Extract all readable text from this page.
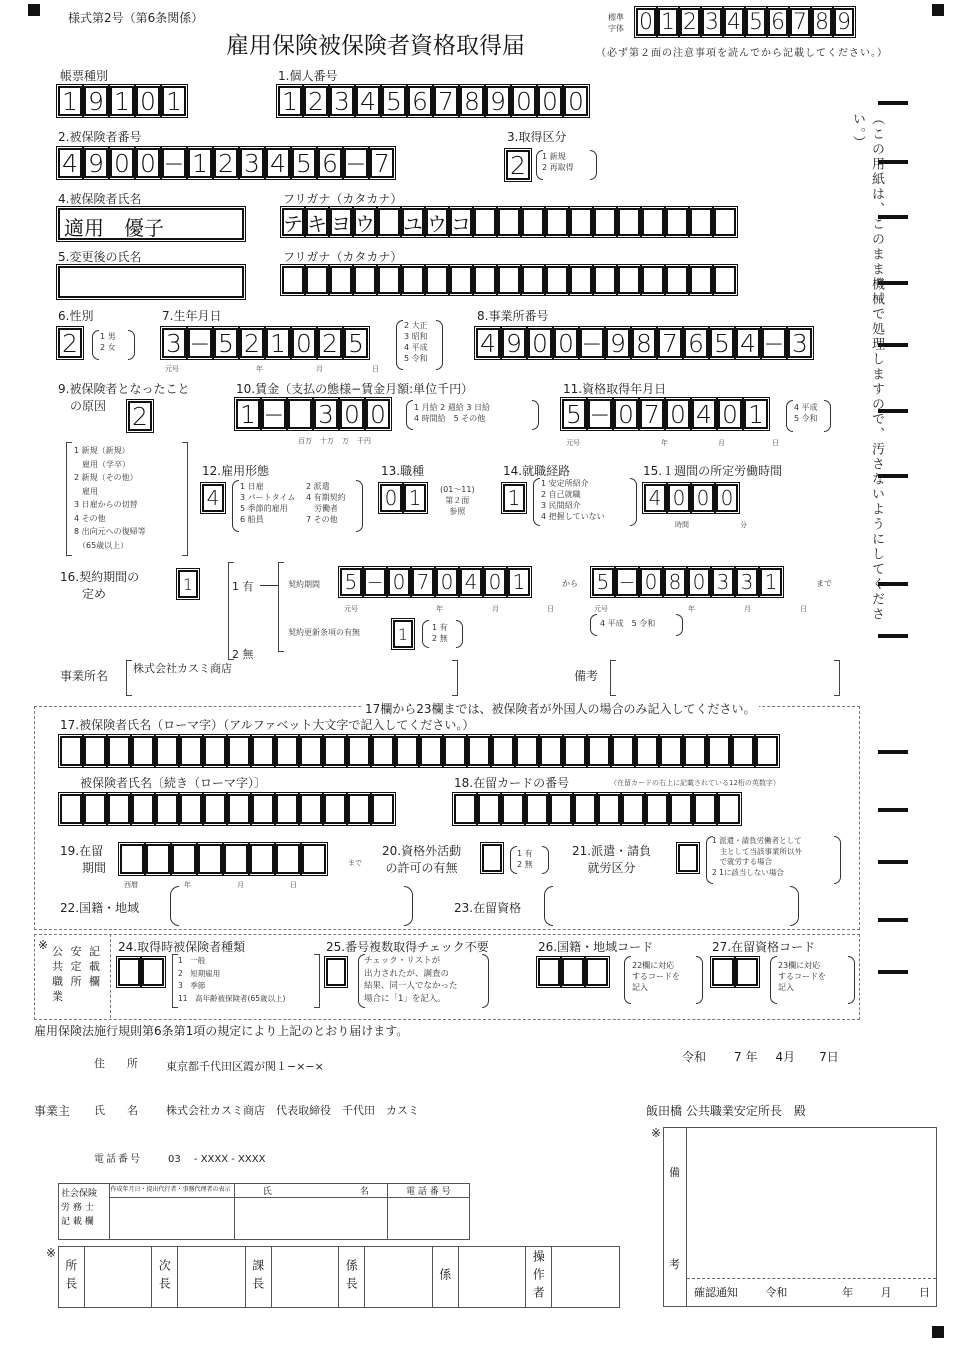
様式第2号（第6条関係）
雇用保険被保険者資格取得届
標準
字体 0 1 2 3 4 5 6 7 8 9
（必ず第２面の注意事項を読んでから記載してください。）
（この用紙は、このまま機械で処理しますので、汚さないようにしてください。）
帳票種別
1 9 1 0 1
1.個人番号
1 2 3 4 5 6 7 8 9 0 0 0
2.被保険者番号
4 9 0 0 − 1 2 3 4 5 6 − 7
3.取得区分
2	1 新規
2 再取得
4.被保険者氏名
適用　優子
フリガナ（カタカナ）
テ キ ヨ ウ ユ ウ コ
5.変更後の氏名	フリガナ（カタカナ）
6.性別
2	1 男
2 女
7.生年月日
3 − 5 2 1 0 2 5
元号	年	月	日
2 大正
3 昭和
4 平成
5 令和
8.事業所番号
4 9 0 0 − 9 8 7 6 5 4 − 3
9.被保険者となったこと
の原因	2
10.賃金（支払の態様−賃金月額:単位千円）
1 − 3 0 0
百万 十万 万 千円
1 月給 2 週給 3 日給
4 時間給　5 その他
11.資格取得年月日
5 − 0 7 0 4 0 1	4 平成
5 令和
元号	年	月	日
1 新規（新規）
　雇用（学卒）
2 新規（その他）
　雇用
3 日雇からの切替
4 その他
8 出向元への復帰等
　（65歳以上）
12.雇用形態
4	1 日雇	2 派遣
3 パートタイム	4 有期契約
5 季節的雇用	　労働者
6 船員	7 その他
13.職種
0 1	(01〜11)
第２面
参照
14.就職経路
1
1 安定所紹介
2 自己就職
3 民間紹介
4 把握していない
15.１週間の所定労働時間
4 0 0 0
時間	分
16.契約期間の
定め
1	1 有
2 無
契約期間 5 − 0 7 0 4 0 1	から 5 − 0 8 0 3 3 1	まで
元号	年	月	日	元号	年	月	日
4 平成　5 令和
契約更新条項の有無	1	1 有
2 無
事業所名
株式会社カスミ商店
備考
17欄から23欄までは、被保険者が外国人の場合のみ記入してください。
17.被保険者氏名（ローマ字）（アルファベット大文字で記入してください。）
被保険者氏名〔続き（ローマ字）〕	18.在留カードの番号	（在留カードの右上に記載されている12桁の英数字）
19.在留
期間	まで
西暦	年	月	日
20.資格外活動
の許可の有無
1 有
2 無
21.派遣・請負
就労区分
1 派遣・請負労働者として
　主として当該事業所以外
　で就労する場合
2 1に該当しない場合
22.国籍・地域	23.在留資格
※ 公 安 記
共 定 載
職 所 欄
業
24.取得時被保険者種類
1　一般
2　短期雇用
3　季節
11　高年齢被保険者(65歳以上)
25.番号複数取得チェック不要
チェック・リストが
出力されたが、調査の
結果、同一人でなかった
場合に「1」を記入。
26.国籍・地域コード
22欄に対応
するコードを
記入
27.在留資格コード
23欄に対応
するコードを
記入
雇用保険法施行規則第6条第1項の規定により上記のとおり届けます。
令和 7 年 4月 7日
住　　所	東京都千代田区霞が関１−×−×
事業主 氏　　名	株式会社カスミ商店　代表取締役　千代田　カスミ
電話番号	03　 - XXXX - XXXX
飯田橋 公共職業安定所長　殿
社会保険
労 務 士
記 載 欄	作成年月日・提出代行者・事務代理者の表示	氏 名	電 話 番 号

※
所長		次長		課長		係長		係		操作者

※
備
考
確認通知 令和	年 月 日
